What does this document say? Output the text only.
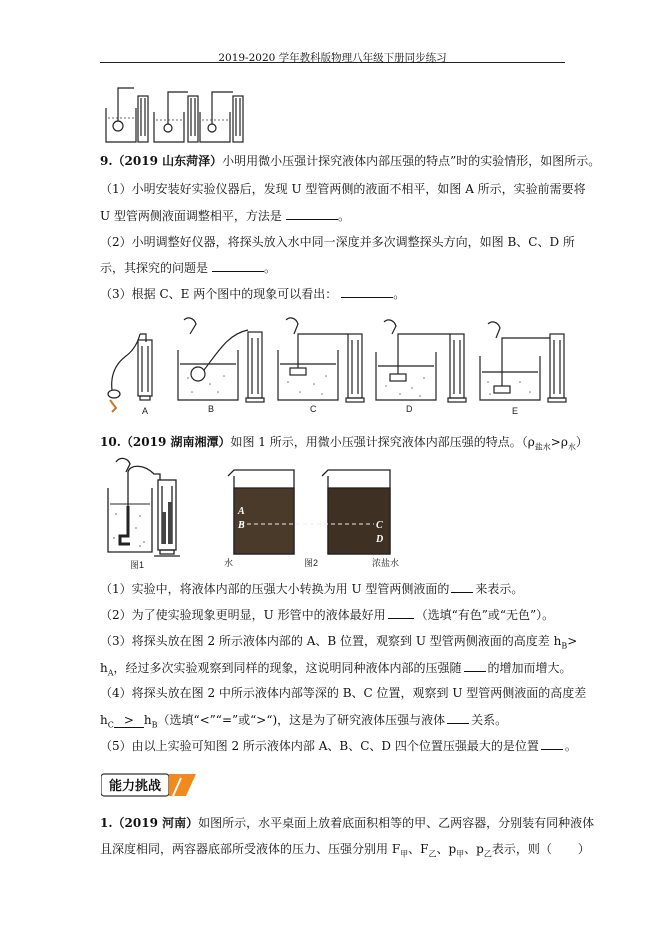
2019-2020 学年教科版物理八年级下册同步练习
9.（2019 山东菏泽）小明用微小压强计探究液体内部压强的特点”时的实验情形，如图所示。
（1）小明安装好实验仪器后，发现 U 型管两侧的液面不相平，如图 A 所示，实验前需要将
U 型管两侧液面调整相平，方法是	。
（2）小明调整好仪器，将探头放入水中同一深度并多次调整探头方向，如图 B、C、D 所
示，其探究的问题是	。
（3）根据 C、E 两个图中的现象可以看出：	。
A	B	C	D	E
10.（2019 湖南湘潭）如图 1 所示，用微小压强计探究液体内部压强的特点。$(\rho_{盐水}>\rho_水)$
图1
A
B	C
D
水	图2	浓盐水
（1）实验中，将液体内部的压强大小转换为用 U 型管两侧液面的 来表示。
（2）为了使实验现象更明显，U 形管中的液体最好用	（选填“有色”或“无色”）。
（3）将探头放在图 2 所示液体内部的 A、B 位置，观察到 U 型管两侧液面的高度差 $h_B>$
$h_A$，经过多次实验观察到同样的现象，这说明同种液体内部的压强随 的增加而增大。
（4）将探头放在图 2 中所示液体内部等深的 B、C 位置，观察到 U 型管两侧液面的高度差
$h_C > h_B$（选填“<”“=”或“>“)，这是为了研究液体压强与液体 关系。
（5）由以上实验可知图 2 所示液体内部 A、B、C、D 四个位置压强最大的是位置 。
能力挑战
1.（2019 河南）如图所示，水平桌面上放着底面积相等的甲、乙两容器，分别装有同种液体
且深度相同，两容器底部所受液体的压力、压强分别用 $F_甲$、$F_乙$、$p_甲$、$p_乙$表示，则（ ）
